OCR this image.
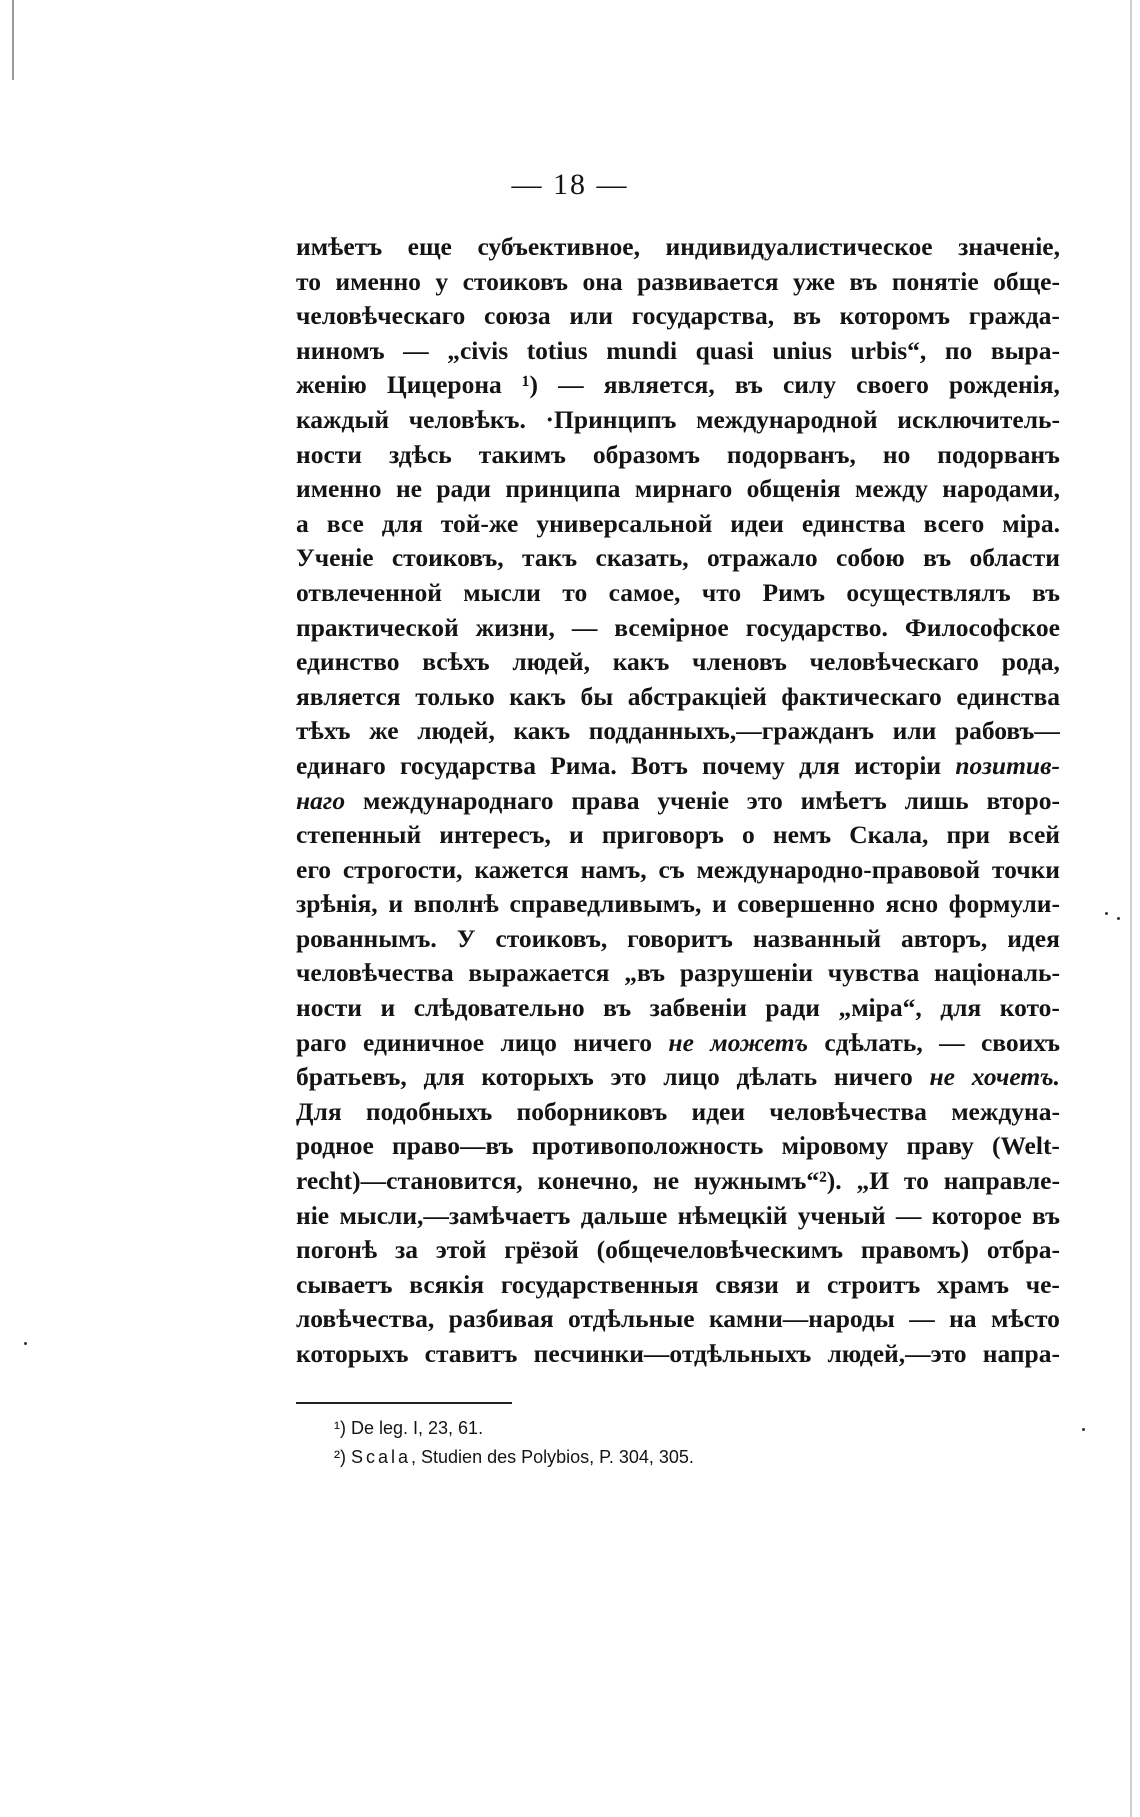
— 18 —
имѣетъ еще субъективное, индивидуалистическое значеніе,
то именно у стоиковъ она развивается уже въ понятіе обще-
человѣческаго союза или государства, въ которомъ гражда-
ниномъ — „civis totius mundi quasi unius urbis“, по выра-
женію Цицерона ¹) — является, въ силу своего рожденія,
каждый человѣкъ. ·Принципъ международной исключитель-
ности здѣсь такимъ образомъ подорванъ, но подорванъ
именно не ради принципа мирнаго общенія между народами,
а все для той-же универсальной идеи единства всего міра.
Ученіе стоиковъ, такъ сказать, отражало собою въ области
отвлеченной мысли то самое, что Римъ осуществлялъ въ
практической жизни, — всемірное государство. Философское
единство всѣхъ людей, какъ членовъ человѣческаго рода,
является только какъ бы абстракціей фактическаго единства
тѣхъ же людей, какъ подданныхъ,—гражданъ или рабовъ—
единаго государства Рима. Вотъ почему для исторіи позитив-
наго международнаго права ученіе это имѣетъ лишь второ-
степенный интересъ, и приговоръ о немъ Скала, при всей
его строгости, кажется намъ, съ международно-правовой точки
зрѣнія, и вполнѣ справедливымъ, и совершенно ясно формули-
рованнымъ. У стоиковъ, говоритъ названный авторъ, идея
человѣчества выражается „въ разрушеніи чувства національ-
ности и слѣдовательно въ забвеніи ради „міра“, для кото-
раго единичное лицо ничего не можетъ сдѣлать, — своихъ
братьевъ, для которыхъ это лицо дѣлать ничего не хочетъ.
Для подобныхъ поборниковъ идеи человѣчества междуна-
родное право—въ противоположность міровому праву (Welt-
recht)—становится, конечно, не нужнымъ“²). „И то направле-
ніе мысли,—замѣчаетъ дальше нѣмецкій ученый — которое въ
погонѣ за этой грёзой (общечеловѣческимъ правомъ) отбра-
сываетъ всякія государственныя связи и строитъ храмъ че-
ловѣчества, разбивая отдѣльные камни—народы — на мѣсто
которыхъ ставитъ песчинки—отдѣльныхъ людей,—это напра-
¹) De leg. I, 23, 61.
²) Scala, Studien des Polybios, P. 304, 305.
